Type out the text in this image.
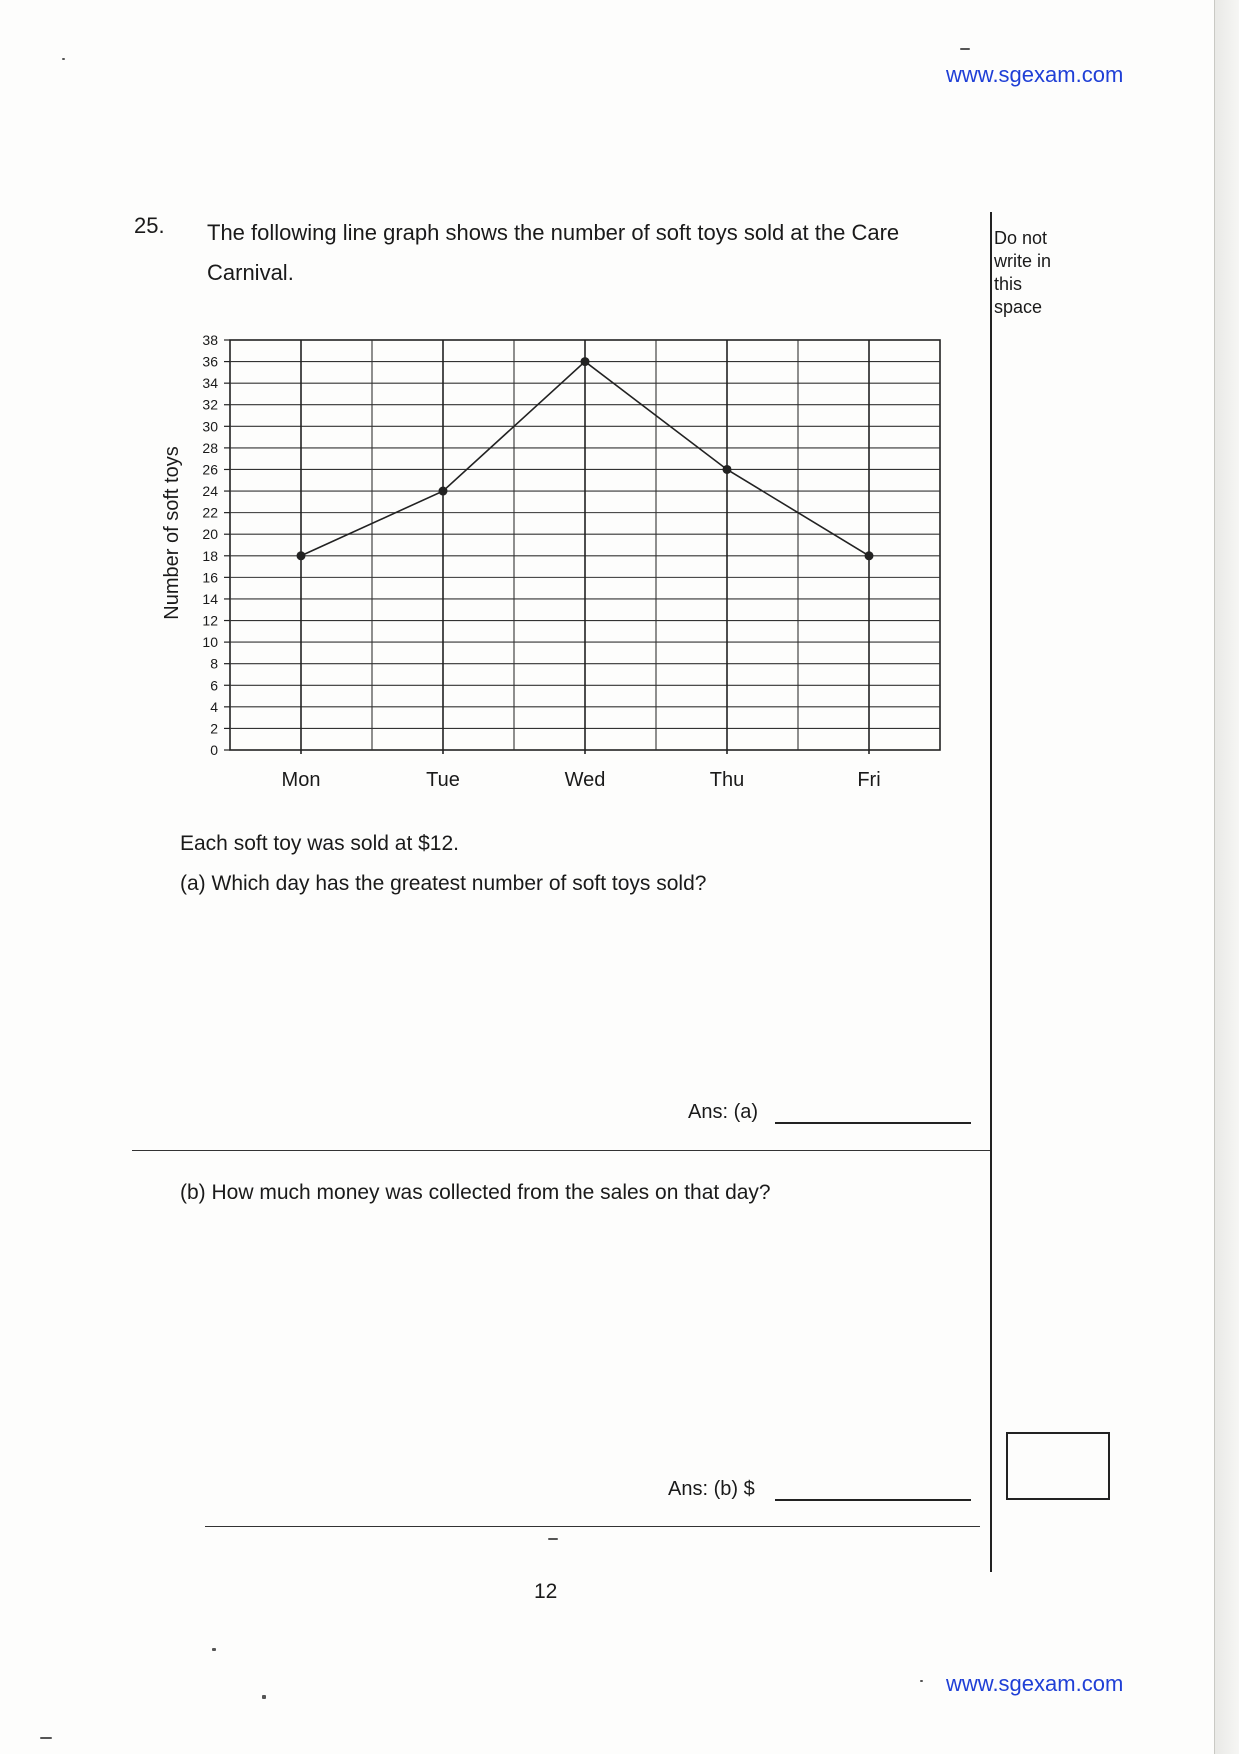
www.sgexam.com
25. The following line graph shows the number of soft toys sold at the Care Carnival.
Do not write in this space
0
2
4
6
8
10
12
14
16
18
20
22
24
26
28
30
32
34
36
38
Mon	Tue	Wed	Thu	Fri
Number of soft toys
Each soft toy was sold at $12.
(a) Which day has the greatest number of soft toys sold?
Ans: (a)
(b) How much money was collected from the sales on that day?
Ans: (b) $
12
www.sgexam.com
